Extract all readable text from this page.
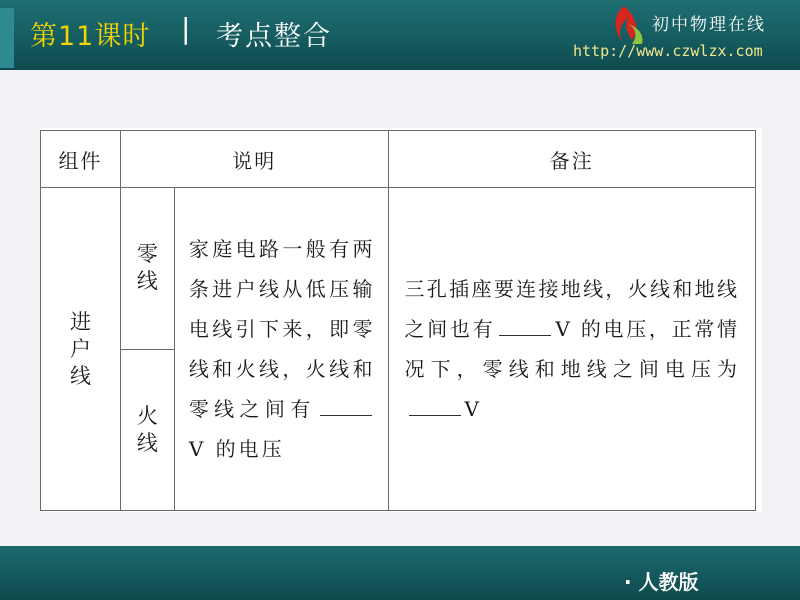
第11课时 | 考点整合	初中物理在线
http://www.czwlzx.com
组件	说明		备注

进户线	零线	家庭电路一般有两条进户线从低压输电线引下来，即零线和火线，火线和零线之间有V 的电压	三孔插座要连接地线，火线和地线之间也有 V 的电压，正常情况下，零线和地线之间电压为V

	火线		
· 人教版
